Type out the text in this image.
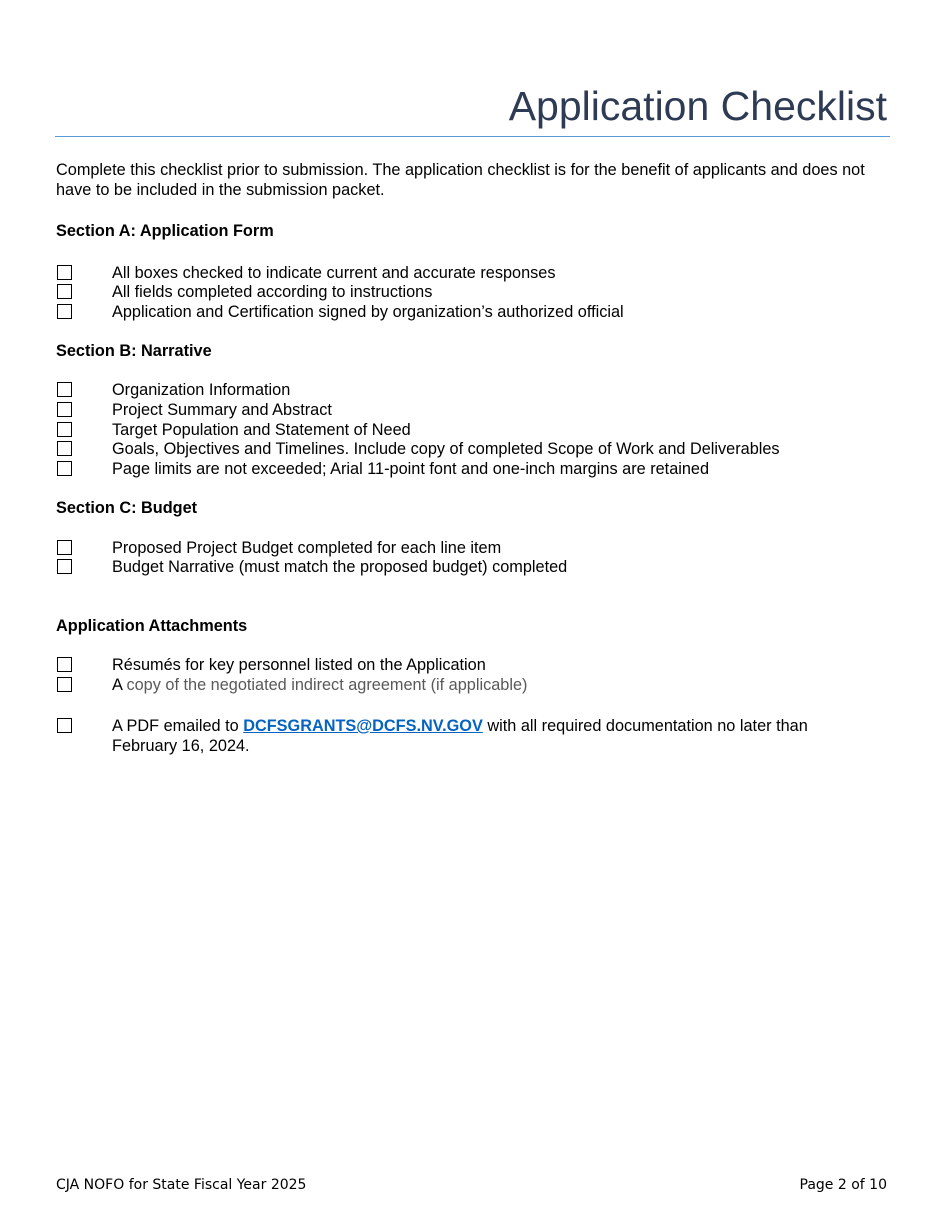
Application Checklist
Complete this checklist prior to submission. The application checklist is for the benefit of applicants and does not have to be included in the submission packet.
Section A: Application Form
All boxes checked to indicate current and accurate responses
All fields completed according to instructions
Application and Certification signed by organization’s authorized official
Section B: Narrative
Organization Information
Project Summary and Abstract
Target Population and Statement of Need
Goals, Objectives and Timelines. Include copy of completed Scope of Work and Deliverables
Page limits are not exceeded; Arial 11-point font and one-inch margins are retained
Section C: Budget
Proposed Project Budget completed for each line item
Budget Narrative (must match the proposed budget) completed
Application Attachments
Résumés for key personnel listed on the Application
A copy of the negotiated indirect agreement (if applicable)
A PDF emailed to DCFSGRANTS@DCFS.NV.GOV with all required documentation no later than February 16, 2024.
CJA NOFO for State Fiscal Year 2025	Page 2 of 10
